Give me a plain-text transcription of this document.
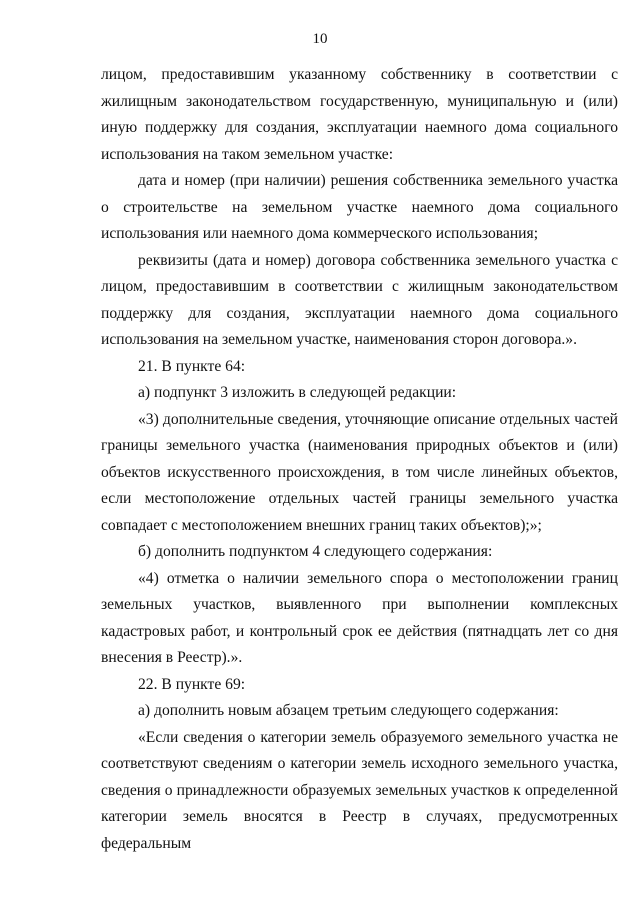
10

лицом, предоставившим указанному собственнику в соответствии с жилищным законодательством государственную, муниципальную и (или) иную поддержку для создания, эксплуатации наемного дома социального использования на таком земельном участке:

дата и номер (при наличии) решения собственника земельного участка о строительстве на земельном участке наемного дома социального использования или наемного дома коммерческого использования;

реквизиты (дата и номер) договора собственника земельного участка с лицом, предоставившим в соответствии с жилищным законодательством поддержку для создания, эксплуатации наемного дома социального использования на земельном участке, наименования сторон договора.».

21. В пункте 64:

а) подпункт 3 изложить в следующей редакции:

«3) дополнительные сведения, уточняющие описание отдельных частей границы земельного участка (наименования природных объектов и (или) объектов искусственного происхождения, в том числе линейных объектов, если местоположение отдельных частей границы земельного участка совпадает с местоположением внешних границ таких объектов);»;

б) дополнить подпунктом 4 следующего содержания:

«4) отметка о наличии земельного спора о местоположении границ земельных участков, выявленного при выполнении комплексных кадастровых работ, и контрольный срок ее действия (пятнадцать лет со дня внесения в Реестр).».

22. В пункте 69:

а) дополнить новым абзацем третьим следующего содержания:

«Если сведения о категории земель образуемого земельного участка не соответствуют сведениям о категории земель исходного земельного участка, сведения о принадлежности образуемых земельных участков к определенной категории земель вносятся в Реестр в случаях, предусмотренных федеральным
